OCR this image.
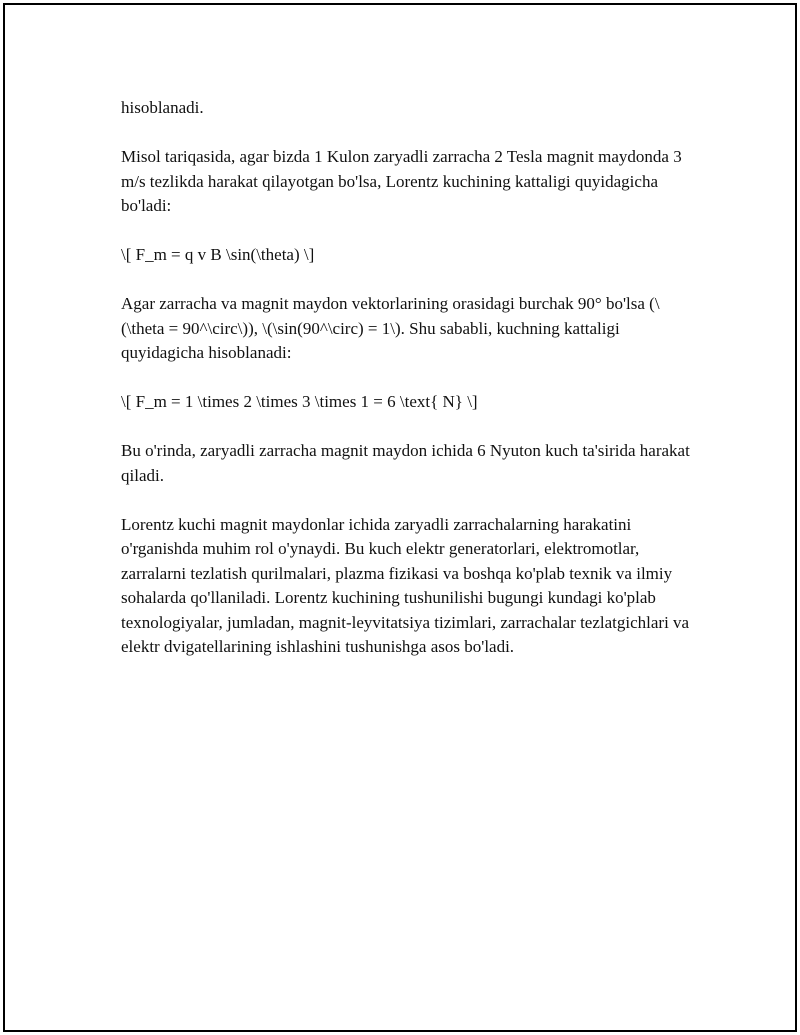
hisoblanadi.

Misol tariqasida, agar bizda 1 Kulon zaryadli zarracha 2 Tesla magnit maydonda 3 m/s tezlikda harakat qilayotgan bo'lsa, Lorentz kuchining kattaligi quyidagicha bo'ladi:

\[ F_m = q v B \sin(\theta) \]

Agar zarracha va magnit maydon vektorlarining orasidagi burchak 90° bo'lsa (\(\theta = 90^\circ\)), \(\sin(90^\circ) = 1\). Shu sababli, kuchning kattaligi quyidagicha hisoblanadi:

\[ F_m = 1 \times 2 \times 3 \times 1 = 6 \text{ N} \]

Bu o'rinda, zaryadli zarracha magnit maydon ichida 6 Nyuton kuch ta'sirida harakat qiladi.

Lorentz kuchi magnit maydonlar ichida zaryadli zarrachalarning harakatini o'rganishda muhim rol o'ynaydi. Bu kuch elektr generatorlari, elektromotlar, zarralarni tezlatish qurilmalari, plazma fizikasi va boshqa ko'plab texnik va ilmiy sohalarda qo'llaniladi. Lorentz kuchining tushunilishi bugungi kundagi ko'plab texnologiyalar, jumladan, magnit-leyvitatsiya tizimlari, zarrachalar tezlatgichlari va elektr dvigatellarining ishlashini tushunishga asos bo'ladi.
